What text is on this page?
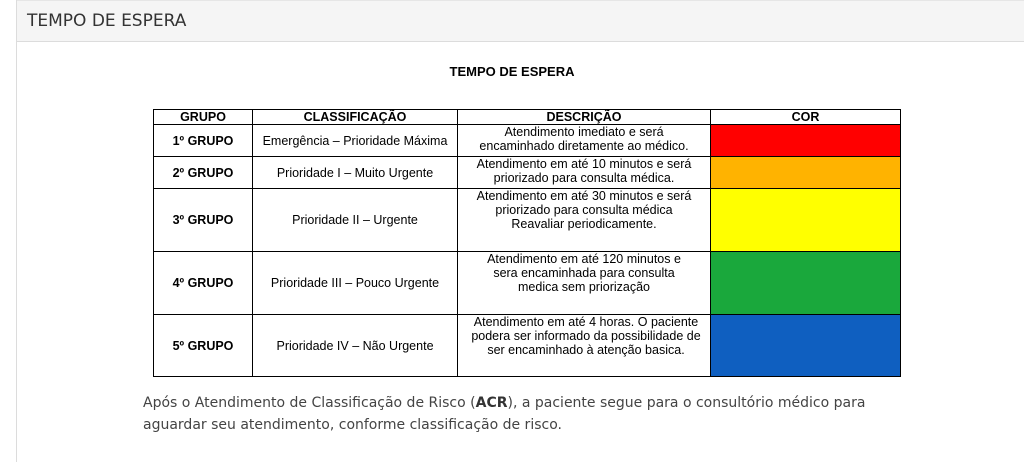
TEMPO DE ESPERA
TEMPO DE ESPERA
GRUPO	CLASSIFICAÇÃO	DESCRIÇÃO	COR
1º GRUPO	Emergência – Prioridade Máxima	Atendimento imediato e será
encaminhado diretamente ao médico.	

2º GRUPO	Prioridade I – Muito Urgente	Atendimento em até 10 minutos e será
priorizado para consulta médica.	

3º GRUPO	Prioridade II – Urgente	Atendimento em até 30 minutos e será
priorizado para consulta médica
Reavaliar periodicamente.	

4º GRUPO	Prioridade III – Pouco Urgente	Atendimento em até 120 minutos e
sera encaminhada para consulta
medica sem priorização	

5º GRUPO	Prioridade IV – Não Urgente	Atendimento em até 4 horas. O paciente
podera ser informado da possibilidade de
ser encaminhado à atenção basica.	

Após o Atendimento de Classificação de Risco (ACR), a paciente segue para o consultório médico para aguardar seu atendimento, conforme classificação de risco.
